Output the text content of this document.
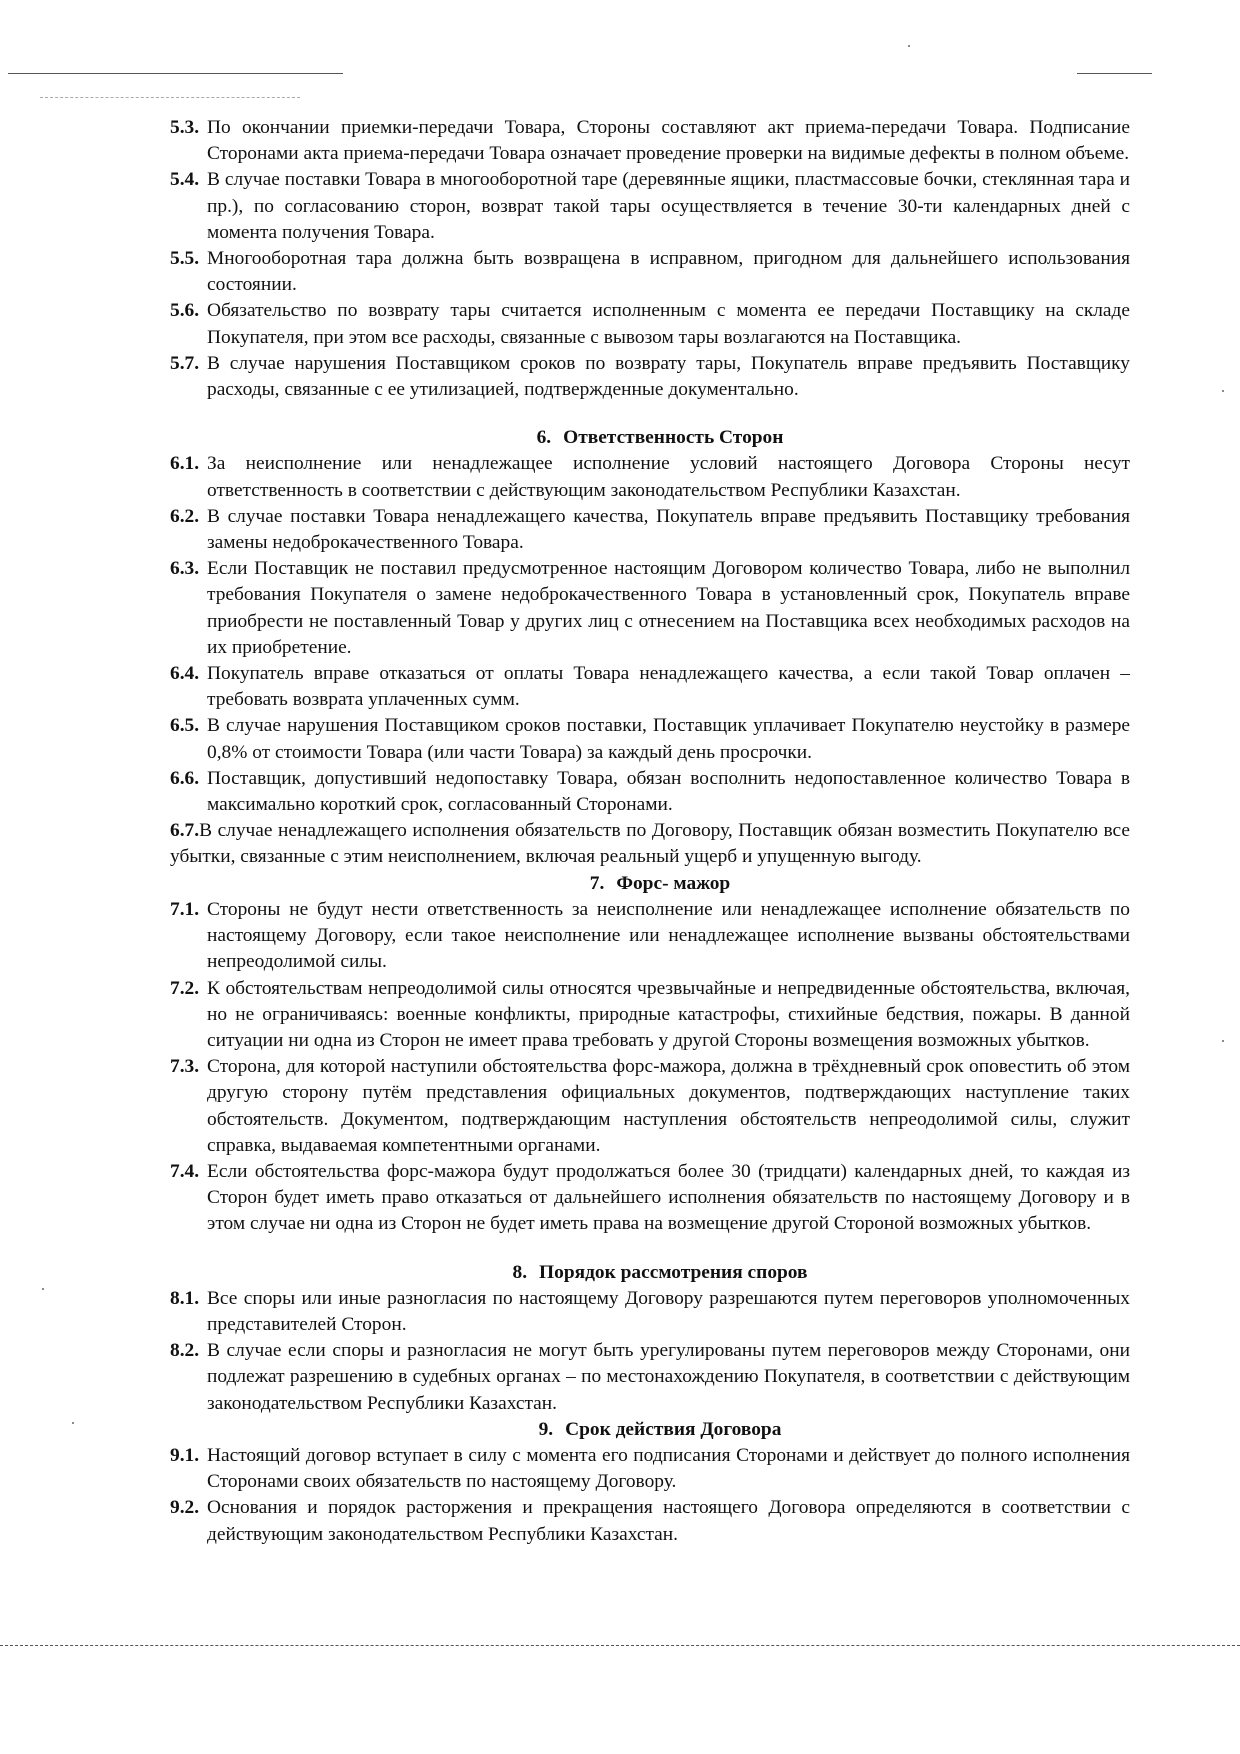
5.3. По окончании приемки-передачи Товара, Стороны составляют акт приема-передачи Товара. Подписание Сторонами акта приема-передачи Товара означает проведение проверки на видимые дефекты в полном объеме.

5.4. В случае поставки Товара в многооборотной таре (деревянные ящики, пластмассовые бочки, стеклянная тара и пр.), по согласованию сторон, возврат такой тары осуществляется в течение 30-ти календарных дней с момента получения Товара.

5.5. Многооборотная тара должна быть возвращена в исправном, пригодном для дальнейшего использования состоянии.

5.6. Обязательство по возврату тары считается исполненным с момента ее передачи Поставщику на складе Покупателя, при этом все расходы, связанные с вывозом тары возлагаются на Поставщика.

5.7. В случае нарушения Поставщиком сроков по возврату тары, Покупатель вправе предъявить Поставщику расходы, связанные с ее утилизацией, подтвержденные документально.

6. Ответственность Сторон

6.1. За неисполнение или ненадлежащее исполнение условий настоящего Договора Стороны несут ответственность в соответствии с действующим законодательством Республики Казахстан.

6.2. В случае поставки Товара ненадлежащего качества, Покупатель вправе предъявить Поставщику требования замены недоброкачественного Товара.

6.3. Если Поставщик не поставил предусмотренное настоящим Договором количество Товара, либо не выполнил требования Покупателя о замене недоброкачественного Товара в установленный срок, Покупатель вправе приобрести не поставленный Товар у других лиц с отнесением на Поставщика всех необходимых расходов на их приобретение.

6.4. Покупатель вправе отказаться от оплаты Товара ненадлежащего качества, а если такой Товар оплачен – требовать возврата уплаченных сумм.

6.5. В случае нарушения Поставщиком сроков поставки, Поставщик уплачивает Покупателю неустойку в размере 0,8% от стоимости Товара (или части Товара) за каждый день просрочки.

6.6. Поставщик, допустивший недопоставку Товара, обязан восполнить недопоставленное количество Товара в максимально короткий срок, согласованный Сторонами.

6.7.В случае ненадлежащего исполнения обязательств по Договору, Поставщик обязан возместить Покупателю все убытки, связанные с этим неисполнением, включая реальный ущерб и упущенную выгоду.

7. Форс- мажор

7.1. Стороны не будут нести ответственность за неисполнение или ненадлежащее исполнение обязательств по настоящему Договору, если такое неисполнение или ненадлежащее исполнение вызваны обстоятельствами непреодолимой силы.

7.2. К обстоятельствам непреодолимой силы относятся чрезвычайные и непредвиденные обстоятельства, включая, но не ограничиваясь: военные конфликты, природные катастрофы, стихийные бедствия, пожары. В данной ситуации ни одна из Сторон не имеет права требовать у другой Стороны возмещения возможных убытков.

7.3. Сторона, для которой наступили обстоятельства форс-мажора, должна в трёхдневный срок оповестить об этом другую сторону путём представления официальных документов, подтверждающих наступление таких обстоятельств. Документом, подтверждающим наступления обстоятельств непреодолимой силы, служит справка, выдаваемая компетентными органами.

7.4. Если обстоятельства форс-мажора будут продолжаться более 30 (тридцати) календарных дней, то каждая из Сторон будет иметь право отказаться от дальнейшего исполнения обязательств по настоящему Договору и в этом случае ни одна из Сторон не будет иметь права на возмещение другой Стороной возможных убытков.

8. Порядок рассмотрения споров

8.1. Все споры или иные разногласия по настоящему Договору разрешаются путем переговоров уполномоченных представителей Сторон.

8.2. В случае если споры и разногласия не могут быть урегулированы путем переговоров между Сторонами, они подлежат разрешению в судебных органах – по местонахождению Покупателя, в соответствии с действующим законодательством Республики Казахстан.

9. Срок действия Договора

9.1. Настоящий договор вступает в силу с момента его подписания Сторонами и действует до полного исполнения Сторонами своих обязательств по настоящему Договору.

9.2. Основания и порядок расторжения и прекращения настоящего Договора определяются в соответствии с действующим законодательством Республики Казахстан.
